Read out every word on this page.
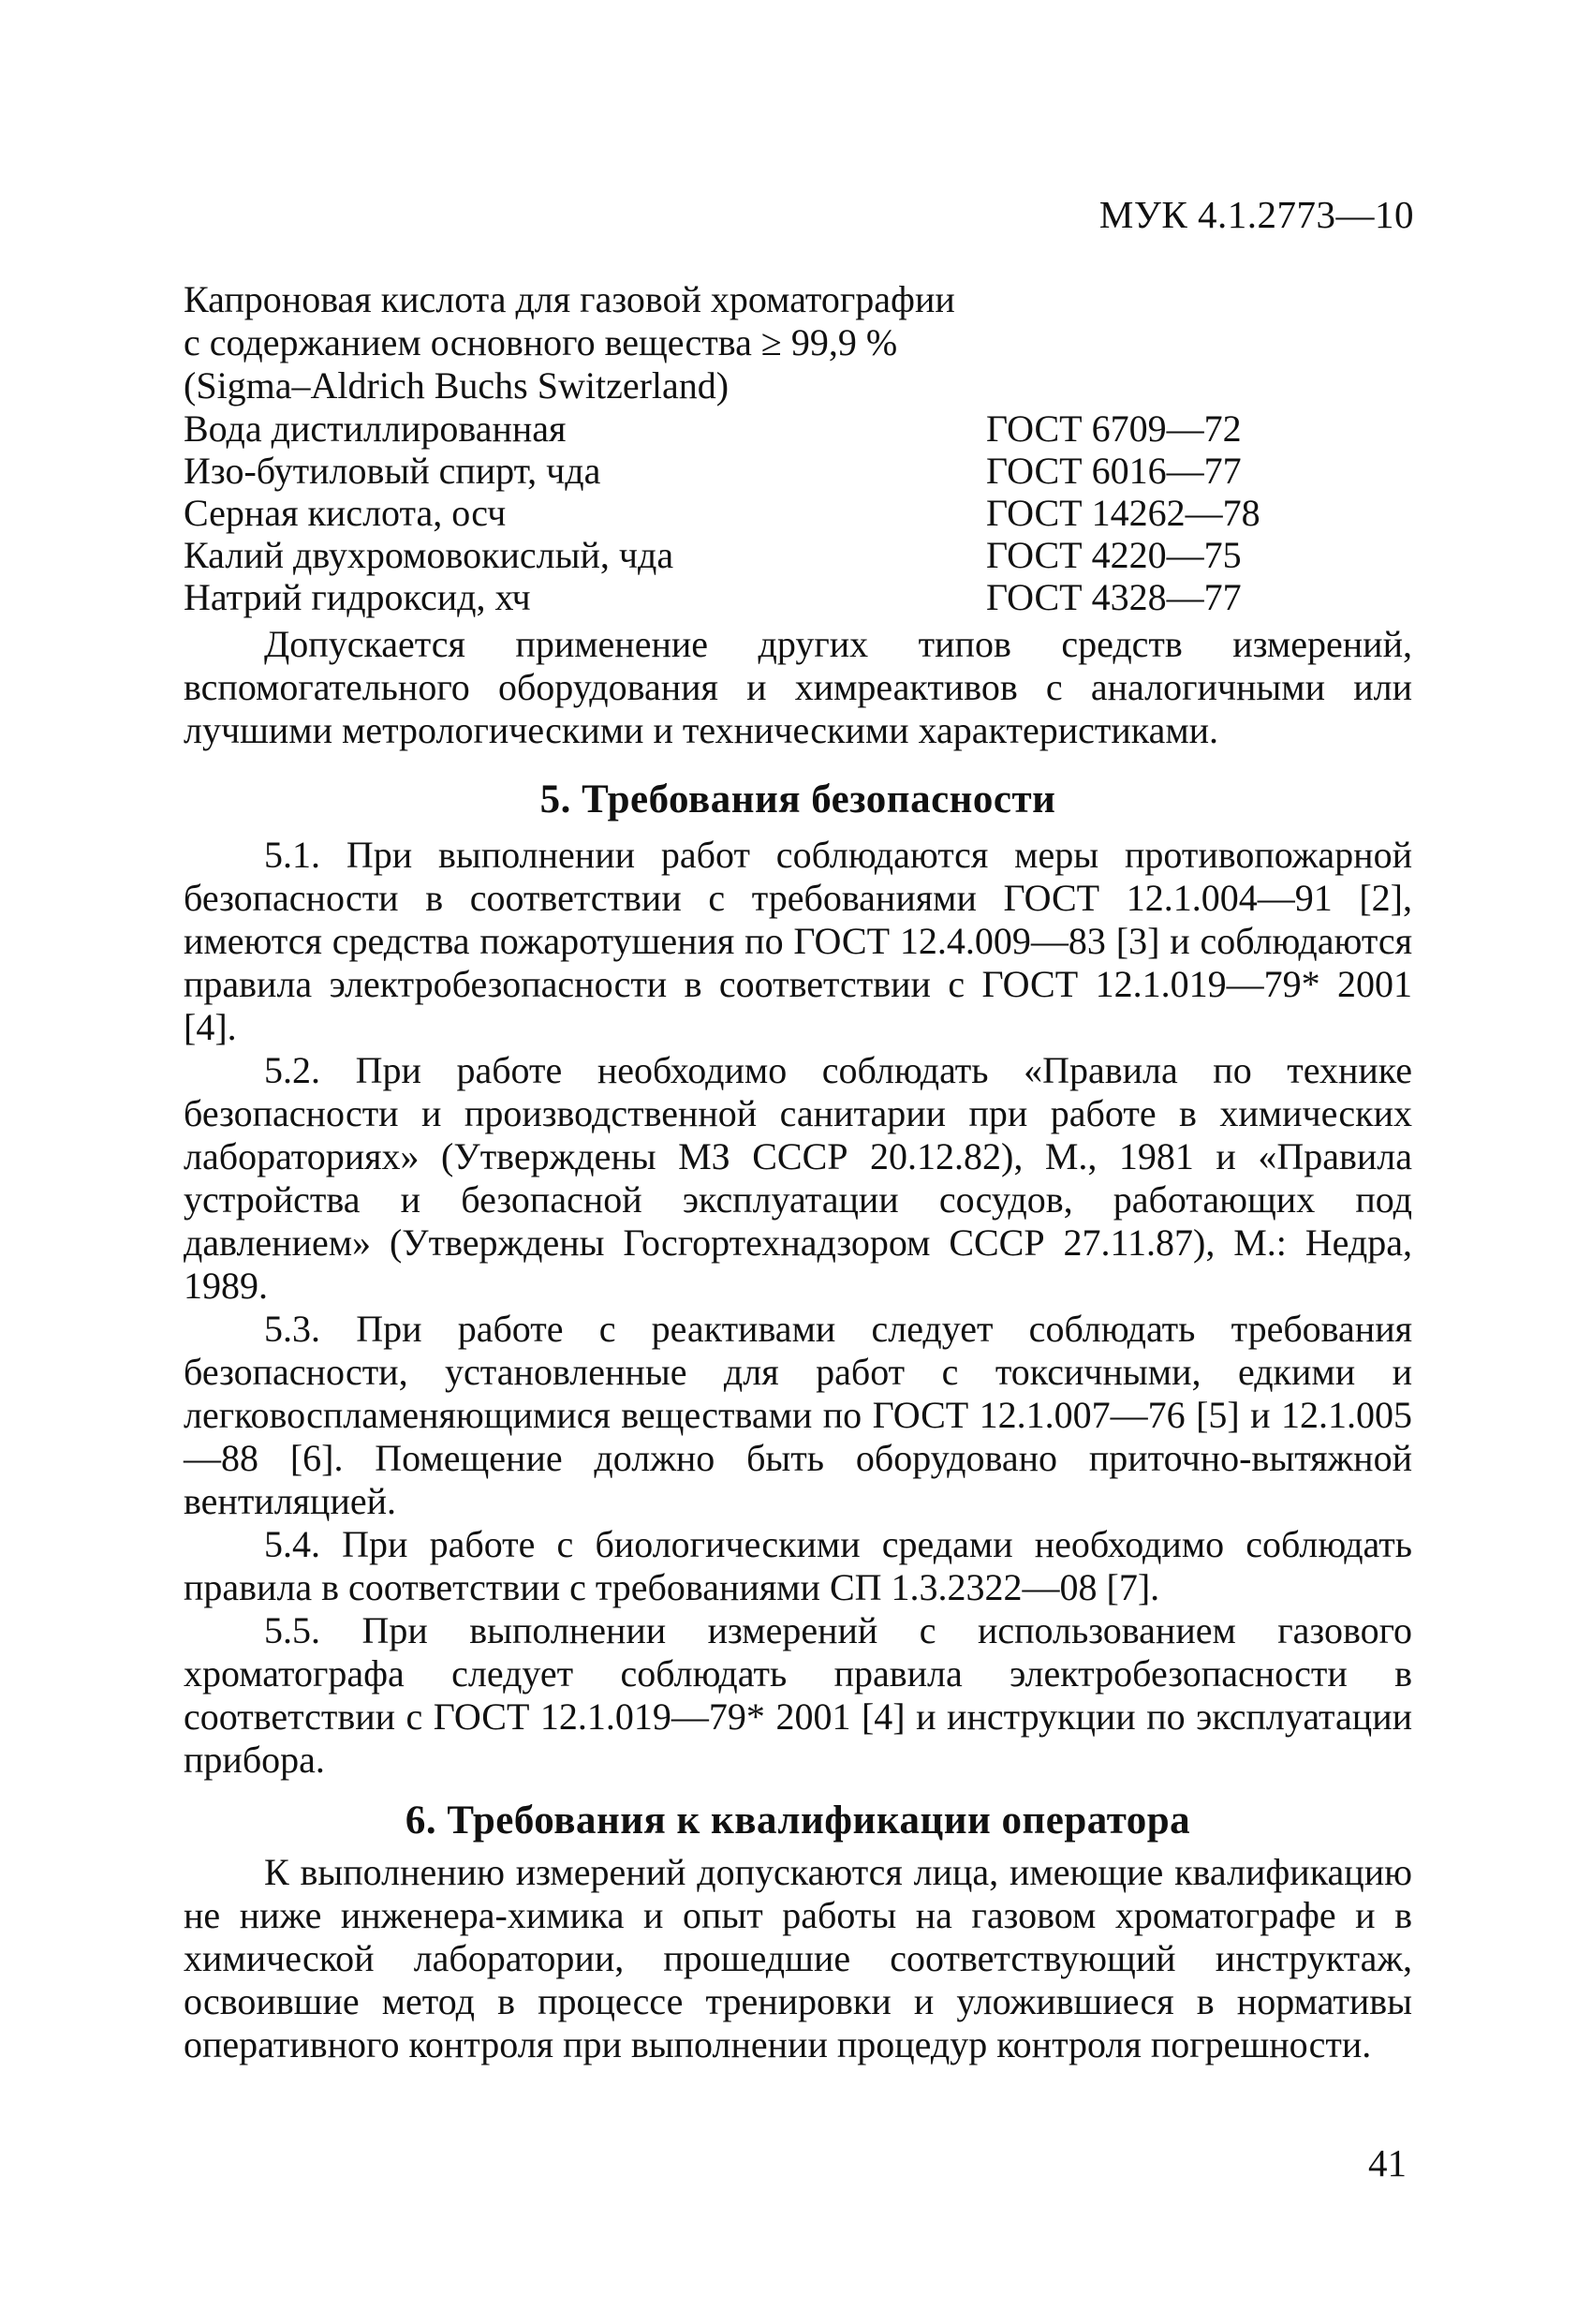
МУК 4.1.2773—10
Капроновая кислота для газовой хроматографии
с содержанием основного вещества ≥ 99,9 %
(Sigma–Aldrich Buchs Switzerland)
Вода дистиллированная	ГОСТ 6709—72
Изо-бутиловый спирт, чда	ГОСТ 6016—77
Серная кислота, осч	ГОСТ 14262—78
Калий двухромовокислый, чда	ГОСТ 4220—75
Натрий гидроксид, хч	ГОСТ 4328—77

Допускается применение других типов средств измерений, вспомогательного оборудования и химреактивов с аналогичными или лучшими метрологическими и техническими характеристиками.

5. Требования безопасности

5.1. При выполнении работ соблюдаются меры противопожарной безопасности в соответствии с требованиями ГОСТ 12.1.004—91 [2], имеются средства пожаротушения по ГОСТ 12.4.009—83 [3] и соблюдаются правила электробезопасности в соответствии с ГОСТ 12.1.019—79* 2001 [4].

5.2. При работе необходимо соблюдать «Правила по технике безопасности и производственной санитарии при работе в химических лабораториях» (Утверждены МЗ СССР 20.12.82), М., 1981 и «Правила устройства и безопасной эксплуатации сосудов, работающих под давлением» (Утверждены Госгортехнадзором СССР 27.11.87), М.: Недра, 1989.

5.3. При работе с реактивами следует соблюдать требования безопасности, установленные для работ с токсичными, едкими и легковоспламеняющимися веществами по ГОСТ 12.1.007—76 [5] и 12.1.005—88 [6]. Помещение должно быть оборудовано приточно-вытяжной вентиляцией.

5.4. При работе с биологическими средами необходимо соблюдать правила в соответствии с требованиями СП 1.3.2322—08 [7].

5.5. При выполнении измерений с использованием газового хроматографа следует соблюдать правила электробезопасности в соответствии с ГОСТ 12.1.019—79* 2001 [4] и инструкции по эксплуатации прибора.

6. Требования к квалификации оператора

К выполнению измерений допускаются лица, имеющие квалификацию не ниже инженера-химика и опыт работы на газовом хроматографе и в химической лаборатории, прошедшие соответствующий инструктаж, освоившие метод в процессе тренировки и уложившиеся в нормативы оперативного контроля при выполнении процедур контроля погрешности.

41
